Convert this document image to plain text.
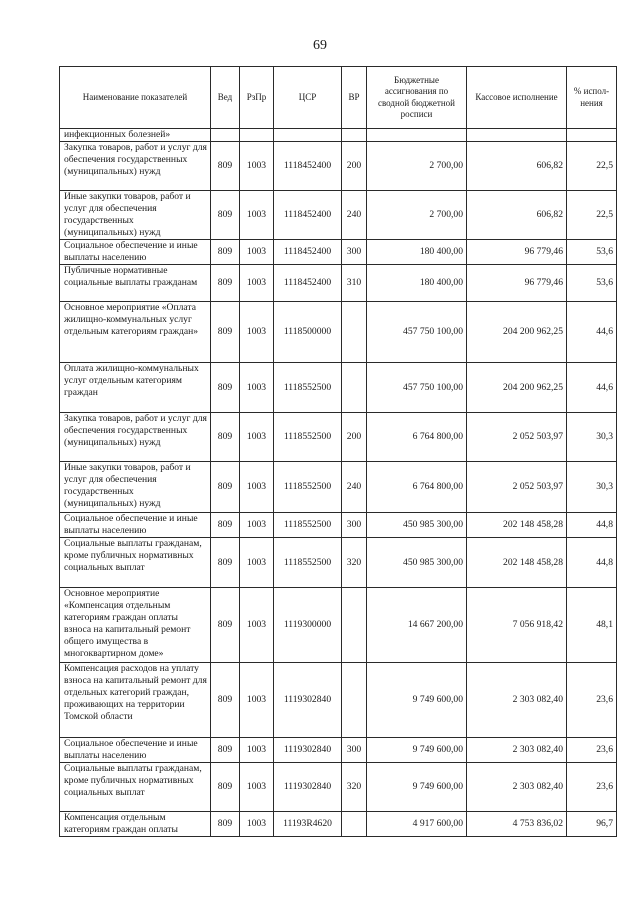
69
Наименование показателей	Вед	РзПр	ЦСР	ВР	Бюджетные ассигнования по сводной бюджетной росписи	Кассовое исполнение	% испол-нения
инфекционных болезней»							
Закупка товаров, работ и услуг для обеспечения государственных (муниципальных) нужд	809	1003	1118452400	200	2 700,00	606,82	22,5
Иные закупки товаров, работ и услуг для обеспечения государственных (муниципальных) нужд	809	1003	1118452400	240	2 700,00	606,82	22,5
Социальное обеспечение и иные выплаты населению	809	1003	1118452400	300	180 400,00	96 779,46	53,6
Публичные нормативные социальные выплаты гражданам	809	1003	1118452400	310	180 400,00	96 779,46	53,6
Основное мероприятие «Оплата жилищно-коммунальных услуг отдельным категориям граждан»	809	1003	1118500000		457 750 100,00	204 200 962,25	44,6
Оплата жилищно-коммунальных услуг отдельным категориям граждан	809	1003	1118552500		457 750 100,00	204 200 962,25	44,6
Закупка товаров, работ и услуг для обеспечения государственных (муниципальных) нужд	809	1003	1118552500	200	6 764 800,00	2 052 503,97	30,3
Иные закупки товаров, работ и услуг для обеспечения государственных (муниципальных) нужд	809	1003	1118552500	240	6 764 800,00	2 052 503,97	30,3
Социальное обеспечение и иные выплаты населению	809	1003	1118552500	300	450 985 300,00	202 148 458,28	44,8
Социальные выплаты гражданам, кроме публичных нормативных социальных выплат	809	1003	1118552500	320	450 985 300,00	202 148 458,28	44,8
Основное мероприятие «Компенсация отдельным категориям граждан оплаты взноса на капитальный ремонт общего имущества в многоквартирном доме»	809	1003	1119300000		14 667 200,00	7 056 918,42	48,1
Компенсация расходов на уплату взноса на капитальный ремонт для отдельных категорий граждан, проживающих на территории Томской области	809	1003	1119302840		9 749 600,00	2 303 082,40	23,6
Социальное обеспечение и иные выплаты населению	809	1003	1119302840	300	9 749 600,00	2 303 082,40	23,6
Социальные выплаты гражданам, кроме публичных нормативных социальных выплат	809	1003	1119302840	320	9 749 600,00	2 303 082,40	23,6
Компенсация отдельным категориям граждан оплаты	809	1003	11193R4620		4 917 600,00	4 753 836,02	96,7
